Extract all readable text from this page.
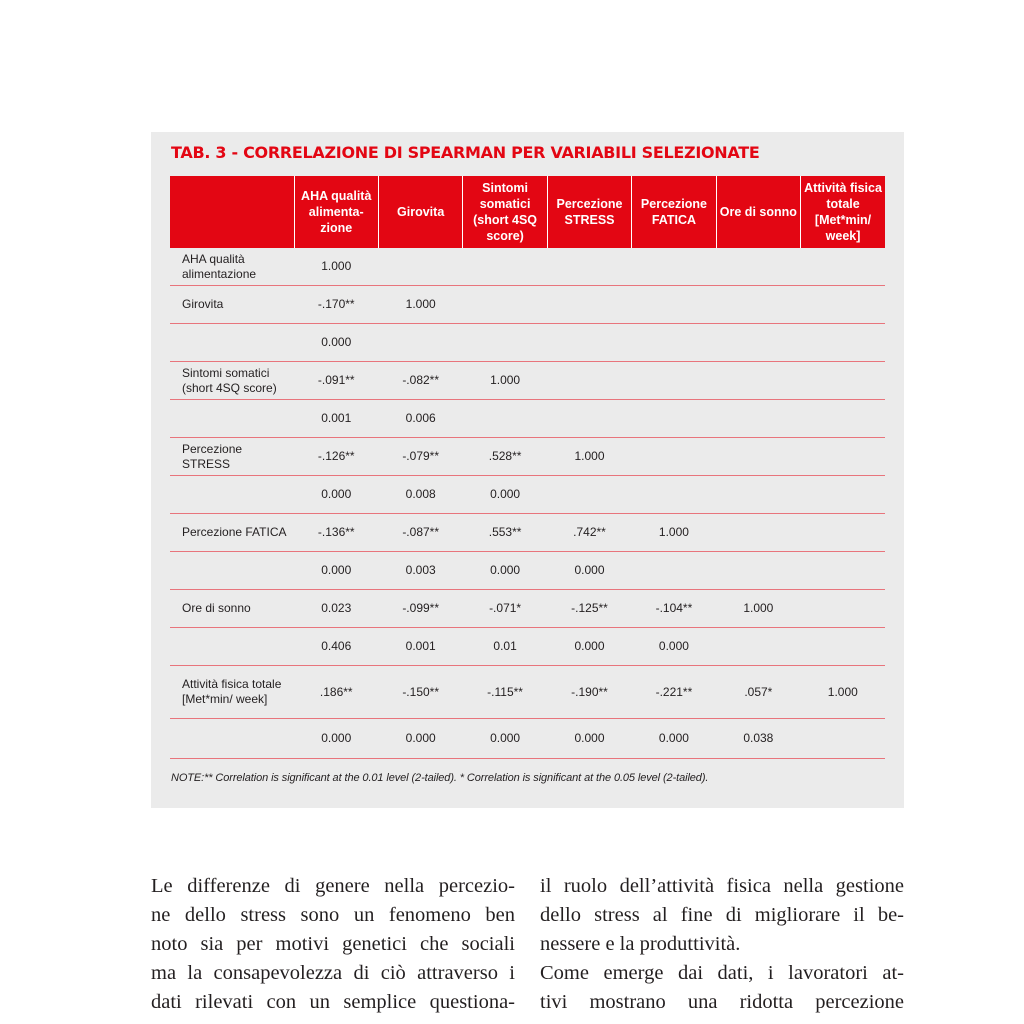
TAB. 3 - CORRELAZIONE DI SPEARMAN PER VARIABILI SELEZIONATE
	AHA qualità alimenta- zione	Girovita	Sintomi somatici (short 4SQ score)	Percezione STRESS	Percezione FATICA	Ore di sonno	Attività fisica totale [Met*min/ week]
AHA qualità alimentazione	1.000						
Girovita	-.170**	1.000					
	0.000						
Sintomi somatici (short 4SQ score)	-.091**	-.082**	1.000				
	0.001	0.006					
Percezione STRESS	-.126**	-.079**	.528**	1.000			
	0.000	0.008	0.000				
Percezione FATICA	-.136**	-.087**	.553**	.742**	1.000		
	0.000	0.003	0.000	0.000			
Ore di sonno	0.023	-.099**	-.071*	-.125**	-.104**	1.000	
	0.406	0.001	0.01	0.000	0.000		
Attività fisica totale [Met*min/ week]	.186**	-.150**	-.115**	-.190**	-.221**	.057*	1.000
	0.000	0.000	0.000	0.000	0.000	0.038	

NOTE:** Correlation is significant at the 0.01 level (2-tailed). * Correlation is significant at the 0.05 level (2-tailed).

Le differenze di genere nella perceziо-
ne dello stress sono un fenomeno ben
noto sia per motivi genetici che sociali
ma la consapevolezza di ciò attraverso i
dati rilevati con un semplice questiona-
il ruolo dell’attività fisica nella gestione
dello stress al fine di migliorare il be-
nessere e la produttività.
Come emerge dai dati, i lavoratori at-
tivi mostrano una ridotta percezione
